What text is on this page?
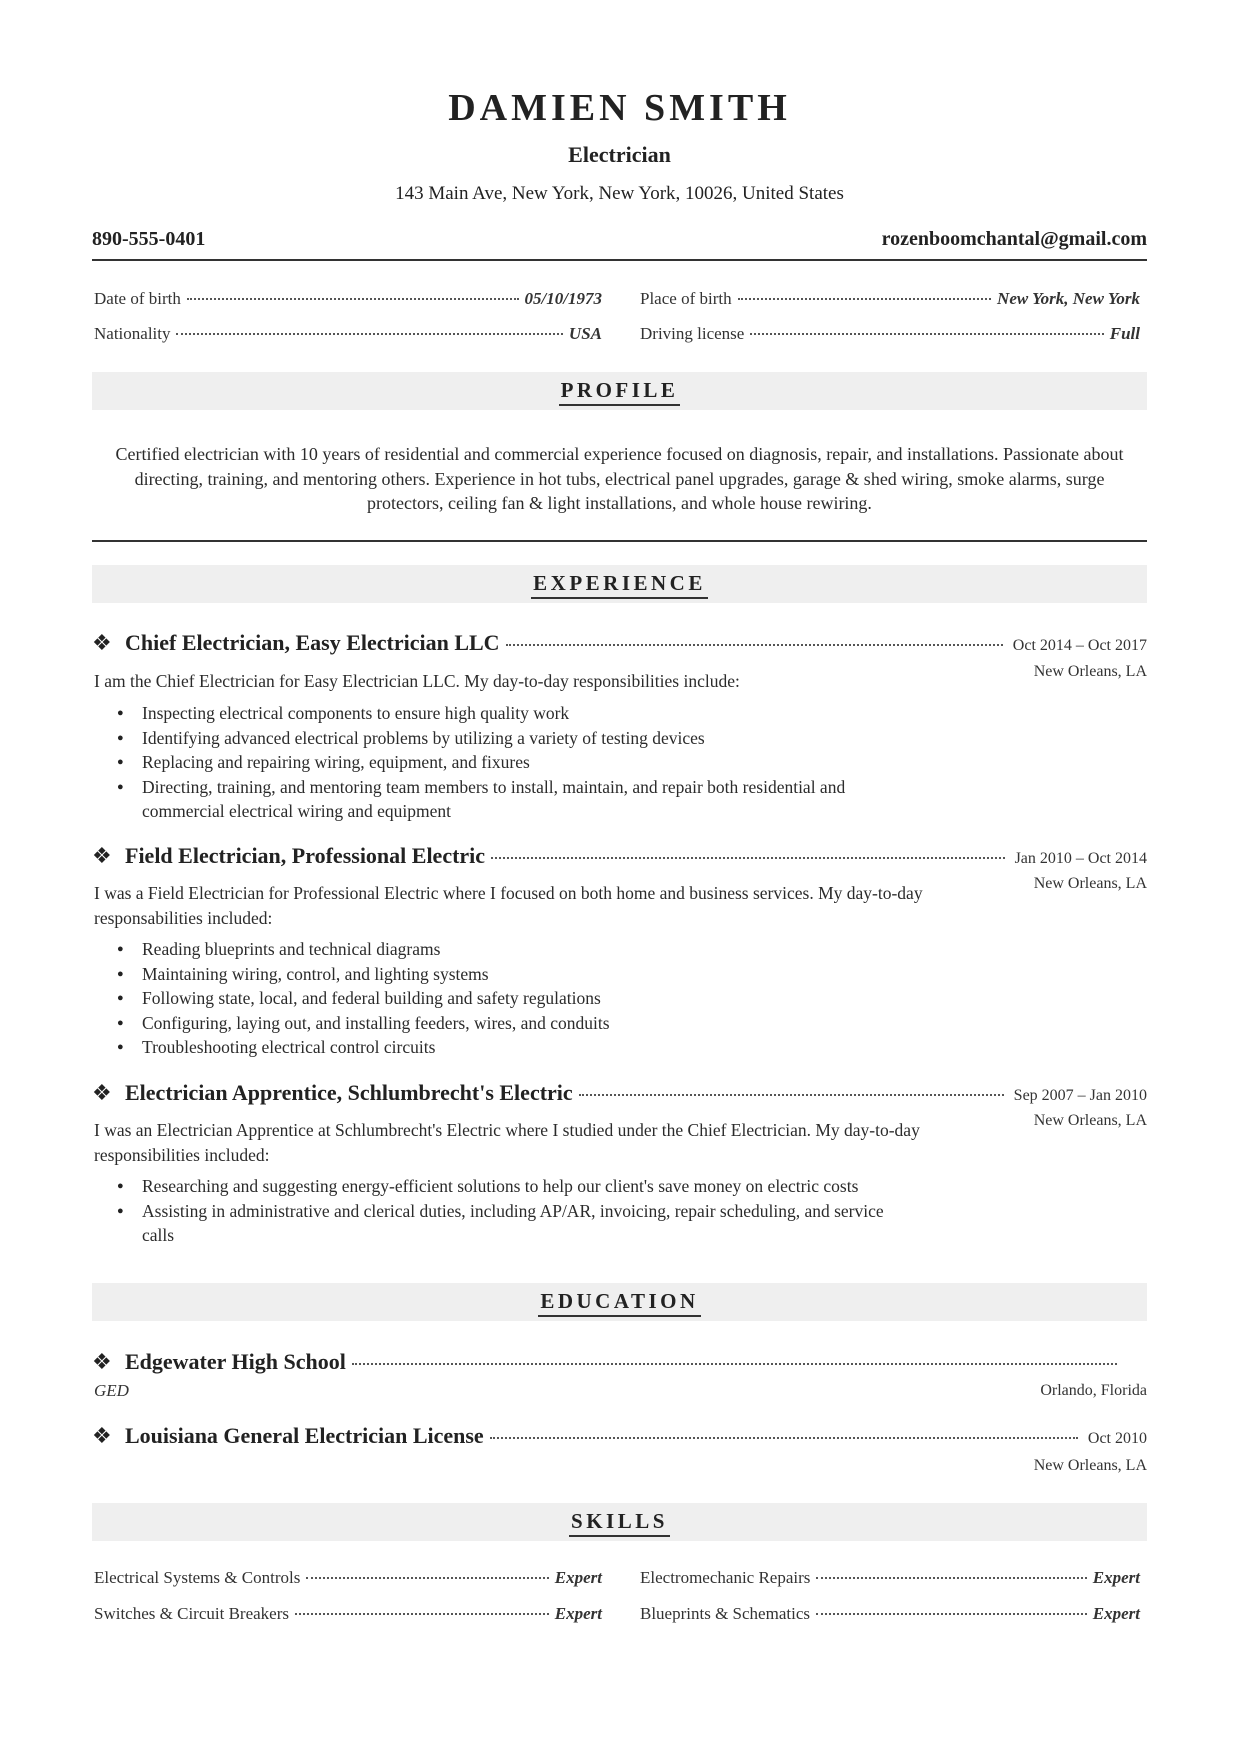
DAMIEN SMITH
Electrician
143 Main Ave, New York, New York, 10026, United States
890-555-0401	rozenboomchantal@gmail.com
Date of birth	05/10/1973 Place of birth	New York, New York
Nationality	USA Driving license	Full
PROFILE
Certified electrician with 10 years of residential and commercial experience focused on diagnosis, repair, and installations. Passionate about directing, training, and mentoring others. Experience in hot tubs, electrical panel upgrades, garage & shed wiring, smoke alarms, surge protectors, ceiling fan & light installations, and whole house rewiring.
EXPERIENCE
❖ Chief Electrician, Easy Electrician LLC	Oct 2014 – Oct 2017
New Orleans, LA
I am the Chief Electrician for Easy Electrician LLC. My day-to-day responsibilities include:
● Inspecting electrical components to ensure high quality work
● Identifying advanced electrical problems by utilizing a variety of testing devices
● Replacing and repairing wiring, equipment, and fixures
● Directing, training, and mentoring team members to install, maintain, and repair both residential and commercial electrical wiring and equipment
❖ Field Electrician, Professional Electric	Jan 2010 – Oct 2014
New Orleans, LA
I was a Field Electrician for Professional Electric where I focused on both home and business services. My day-to-day responsabilities included:
● Reading blueprints and technical diagrams
● Maintaining wiring, control, and lighting systems
● Following state, local, and federal building and safety regulations
● Configuring, laying out, and installing feeders, wires, and conduits
● Troubleshooting electrical control circuits
❖ Electrician Apprentice, Schlumbrecht's Electric	Sep 2007 – Jan 2010
New Orleans, LA
I was an Electrician Apprentice at Schlumbrecht's Electric where I studied under the Chief Electrician. My day-to-day responsibilities included:
● Researching and suggesting energy-efficient solutions to help our client's save money on electric costs
● Assisting in administrative and clerical duties, including AP/AR, invoicing, repair scheduling, and service calls
EDUCATION
❖ Edgewater High School
GED	Orlando, Florida
❖ Louisiana General Electrician License	Oct 2010
New Orleans, LA
SKILLS
Electrical Systems & Controls	Expert Electromechanic Repairs	Expert
Switches & Circuit Breakers	Expert Blueprints & Schematics	Expert
